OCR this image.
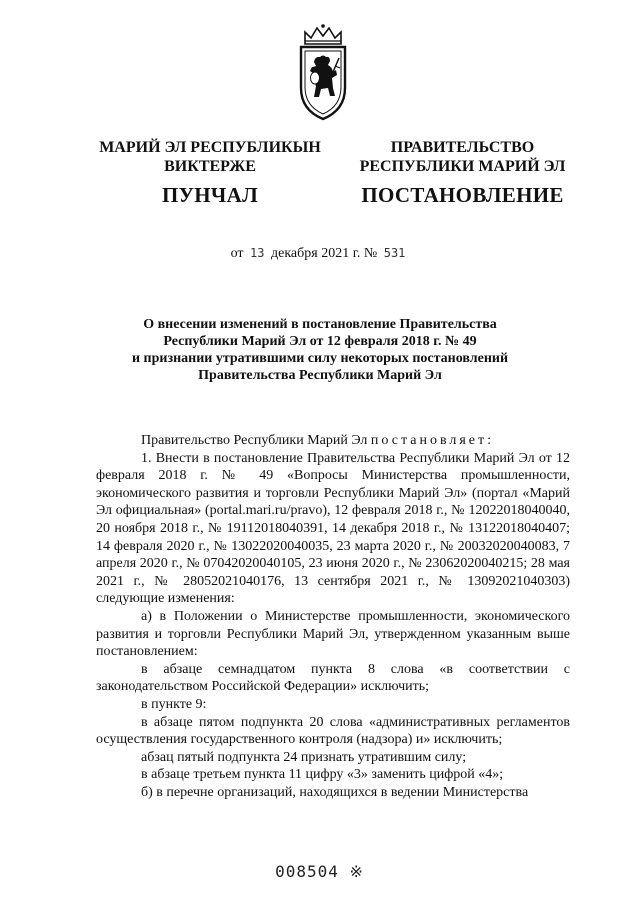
МАРИЙ ЭЛ РЕСПУБЛИКЫН
ВИКТЕРЖЕ
ПУНЧАЛ
ПРАВИТЕЛЬСТВО
РЕСПУБЛИКИ МАРИЙ ЭЛ
ПОСТАНОВЛЕНИЕ
от 13 декабря 2021 г. № 531
О внесении изменений в постановление Правительства
Республики Марий Эл от 12 февраля 2018 г. № 49
и признании утратившими силу некоторых постановлений
Правительства Республики Марий Эл

Правительство Республики Марий Эл постановляет:

1. Внести в постановление Правительства Республики Марий Эл от 12 февраля 2018 г. № 49 «Вопросы Министерства промышленности, экономического развития и торговли Республики Марий Эл» (портал «Марий Эл официальная» (portal.mari.ru/pravo), 12 февраля 2018 г., № 12022018040040, 20 ноября 2018 г., № 19112018040391, 14 декабря 2018 г., № 13122018040407; 14 февраля 2020 г., № 13022020040035, 23 марта 2020 г., № 20032020040083, 7 апреля 2020 г., № 07042020040105, 23 июня 2020 г., № 23062020040215; 28 мая 2021 г., № 28052021040176, 13 сентября 2021 г., № 13092021040303) следующие изменения:

а) в Положении о Министерстве промышленности, экономического развития и торговли Республики Марий Эл, утвержденном указанным выше постановлением:

в абзаце семнадцатом пункта 8 слова «в соответствии с законодательством Российской Федерации» исключить;

в пункте 9:

в абзаце пятом подпункта 20 слова «административных регламентов осуществления государственного контроля (надзора) и» исключить;

абзац пятый подпункта 24 признать утратившим силу;

в абзаце третьем пункта 11 цифру «3» заменить цифрой «4»;

б) в перечне организаций, находящихся в ведении Министерства

008504 ※
